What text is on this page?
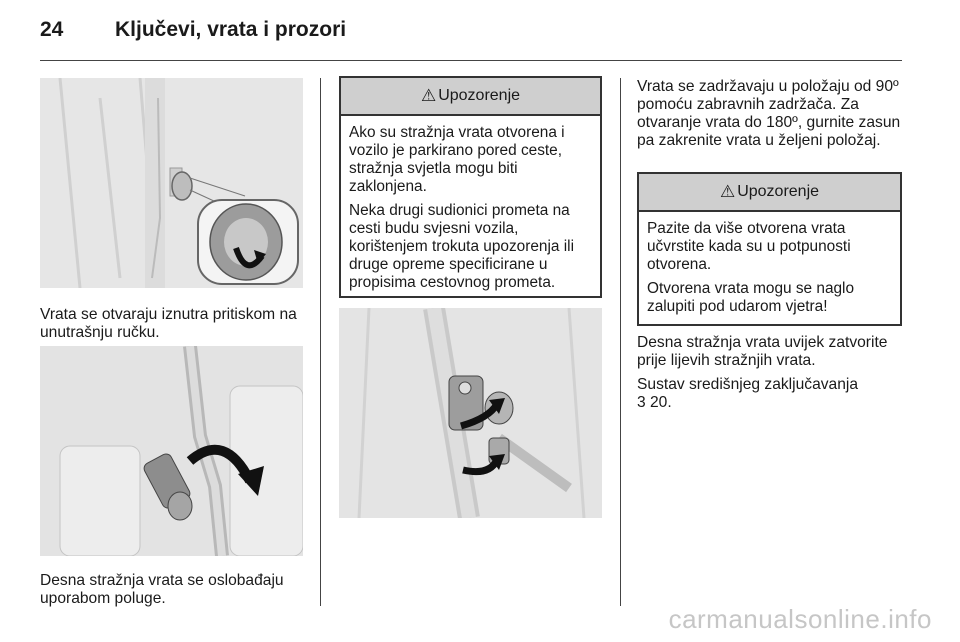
24 Ključevi, vrata i prozori

Vrata se otvaraju iznutra pritiskom na unutrašnju ručku.

Desna stražnja vrata se oslobađaju uporabom poluge.

⚠ Upozorenje

Ako su stražnja vrata otvorena i vozilo je parkirano pored ceste, stražnja svjetla mogu biti zaklonjena.

Neka drugi sudionici prometa na cesti budu svjesni vozila, korištenjem trokuta upozorenja ili druge opreme specificirane u propisima cestovnog prometa.

Vrata se zadržavaju u položaju od 90º pomoću zabravnih zadržača. Za otvaranje vrata do 180º, gurnite zasun pa zakrenite vrata u željeni položaj.

⚠ Upozorenje

Pazite da više otvorena vrata učvrstite kada su u potpunosti otvorena.

Otvorena vrata mogu se naglo zalupiti pod udarom vjetra!

Desna stražnja vrata uvijek zatvorite prije lijevih stražnjih vrata.

Sustav središnjeg zaključavanja
3 20.

carmanualsonline.info
